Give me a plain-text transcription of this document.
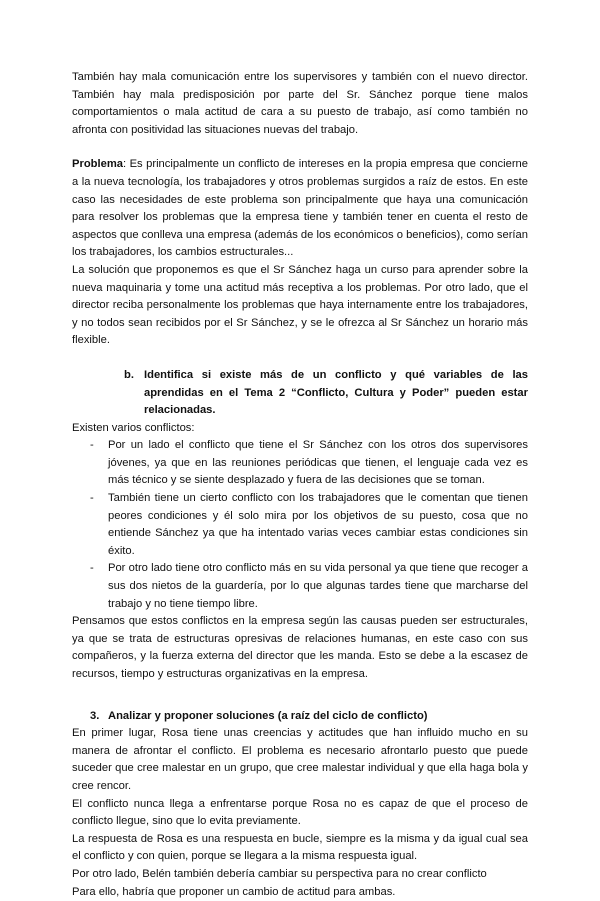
También hay mala comunicación entre los supervisores y también con el nuevo director. También hay mala predisposición por parte del Sr. Sánchez porque tiene malos comportamientos o mala actitud de cara a su puesto de trabajo, así como también no afronta con positividad las situaciones nuevas del trabajo.

Problema: Es principalmente un conflicto de intereses en la propia empresa que concierne a la nueva tecnología, los trabajadores y otros problemas surgidos a raíz de estos. En este caso las necesidades de este problema son principalmente que haya una comunicación para resolver los problemas que la empresa tiene y también tener en cuenta el resto de aspectos que conlleva una empresa (además de los económicos o beneficios), como serían los trabajadores, los cambios estructurales...

La solución que proponemos es que el Sr Sánchez haga un curso para aprender sobre la nueva maquinaria y tome una actitud más receptiva a los problemas. Por otro lado, que el director reciba personalmente los problemas que haya internamente entre los trabajadores, y no todos sean recibidos por el Sr Sánchez, y se le ofrezca al Sr Sánchez un horario más flexible.

b. Identifica si existe más de un conflicto y qué variables de las aprendidas en el Tema 2 “Conflicto, Cultura y Poder” pueden estar relacionadas.

Existen varios conflictos:

-	Por un lado el conflicto que tiene el Sr Sánchez con los otros dos supervisores jóvenes, ya que en las reuniones periódicas que tienen, el lenguaje cada vez es más técnico y se siente desplazado y fuera de las decisiones que se toman.
-	También tiene un cierto conflicto con los trabajadores que le comentan que tienen peores condiciones y él solo mira por los objetivos de su puesto, cosa que no entiende Sánchez ya que ha intentado varias veces cambiar estas condiciones sin éxito.
-	Por otro lado tiene otro conflicto más en su vida personal ya que tiene que recoger a sus dos nietos de la guardería, por lo que algunas tardes tiene que marcharse del trabajo y no tiene tiempo libre.

Pensamos que estos conflictos en la empresa según las causas pueden ser estructurales, ya que se trata de estructuras opresivas de relaciones humanas, en este caso con sus compañeros, y la fuerza externa del director que les manda. Esto se debe a la escasez de recursos, tiempo y estructuras organizativas en la empresa.

3. Analizar y proponer soluciones (a raíz del ciclo de conflicto)

En primer lugar, Rosa tiene unas creencias y actitudes que han influido mucho en su manera de afrontar el conflicto. El problema es necesario afrontarlo puesto que puede suceder que cree malestar en un grupo, que cree malestar individual y que ella haga bola y cree rencor.

El conflicto nunca llega a enfrentarse porque Rosa no es capaz de que el proceso de conflicto llegue, sino que lo evita previamente.

La respuesta de Rosa es una respuesta en bucle, siempre es la misma y da igual cual sea el conflicto y con quien, porque se llegara a la misma respuesta igual.

Por otro lado, Belén también debería cambiar su perspectiva para no crear conflicto

Para ello, habría que proponer un cambio de actitud para ambas.
